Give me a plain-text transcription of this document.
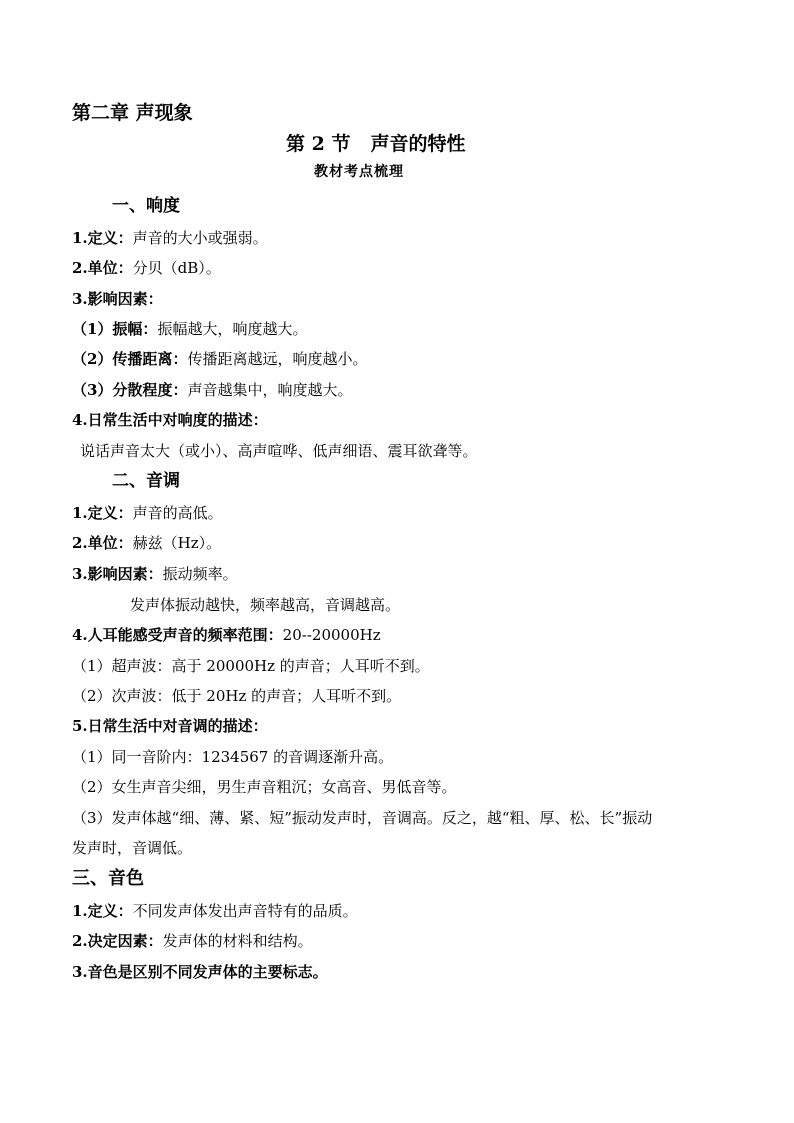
第二章 声现象
第 2 节 声音的特性
教材考点梳理
一、响度
1.定义：声音的大小或强弱。
2.单位：分贝（dB）。
3.影响因素：
（1）振幅：振幅越大，响度越大。
（2）传播距离：传播距离越远，响度越小。
（3）分散程度：声音越集中，响度越大。
4.日常生活中对响度的描述：
说话声音太大（或小）、高声喧哗、低声细语、震耳欲聋等。
二、音调
1.定义：声音的高低。
2.单位：赫兹（Hz）。
3.影响因素：振动频率。
发声体振动越快，频率越高，音调越高。
4.人耳能感受声音的频率范围：20--20000Hz
（1）超声波：高于 20000Hz 的声音；人耳听不到。
（2）次声波：低于 20Hz 的声音；人耳听不到。
5.日常生活中对音调的描述：
（1）同一音阶内：1234567 的音调逐渐升高。
（2）女生声音尖细，男生声音粗沉；女高音、男低音等。
（3）发声体越“细、薄、紧、短”振动发声时，音调高。反之，越“粗、厚、松、长”振动
发声时，音调低。
三、音色
1.定义：不同发声体发出声音特有的品质。
2.决定因素：发声体的材料和结构。
3.音色是区别不同发声体的主要标志。
